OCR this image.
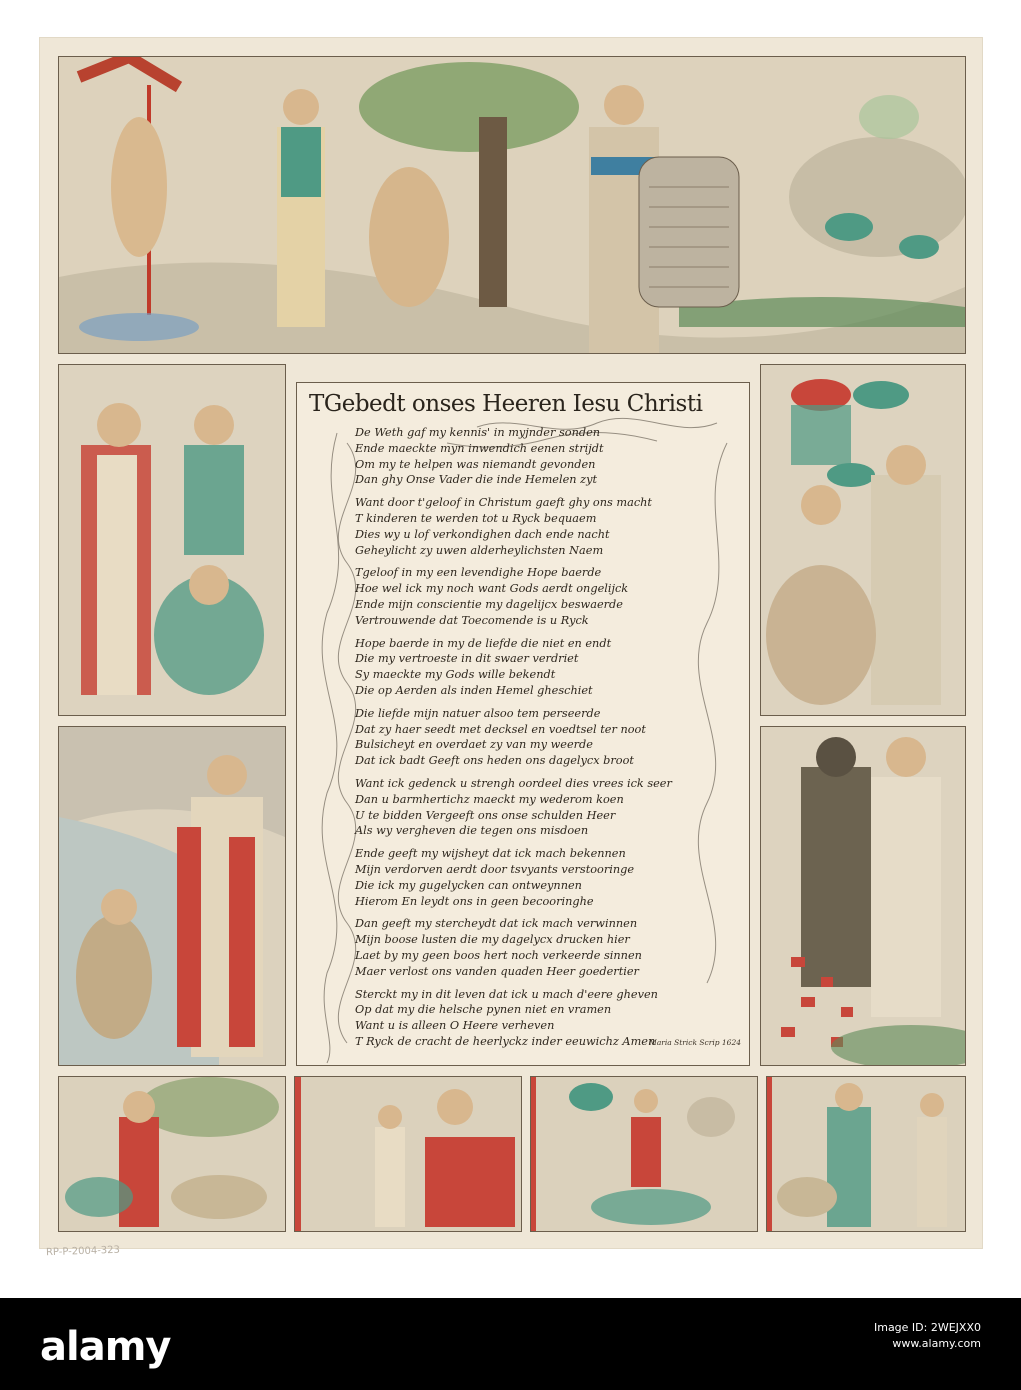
TGebedt onses Heeren Iesu Christi
De Weth gaf my kennis' in myjnder sonden
Ende maeckte myn inwendich eenen strijdt
Om my te helpen was niemandt gevonden
Dan ghy Onse Vader die inde Hemelen zyt
Want door t'geloof in Christum gaeft ghy ons macht
T kinderen te werden tot u Ryck bequaem
Dies wy u lof verkondighen dach ende nacht
Geheylicht zy uwen alderheylichsten Naem
Tgeloof in my een levendighe Hope baerde
Hoe wel ick my noch want Gods aerdt ongelijck
Ende mijn conscientie my dagelijcx beswaerde
Vertrouwende dat Toecomende is u Ryck
Hope baerde in my de liefde die niet en endt
Die my vertroeste in dit swaer verdriet
Sy maeckte my Gods wille bekendt
Die op Aerden als inden Hemel gheschiet
Die liefde mijn natuer alsoo tem perseerde
Dat zy haer seedt met decksel en voedtsel ter noot
Bulsicheyt en overdaet zy van my weerde
Dat ick badt Geeft ons heden ons dagelycx broot
Want ick gedenck u strengh oordeel dies vrees ick seer
Dan u barmhertichz maeckt my wederom koen
U te bidden Vergeeft ons onse schulden Heer
Als wy vergheven die tegen ons misdoen
Ende geeft my wijsheyt dat ick mach bekennen
Mijn verdorven aerdt door tsvyants verstooringe
Die ick my gugelycken can ontweynnen
Hierom En leydt ons in geen becooringhe
Dan geeft my stercheydt dat ick mach verwinnen
Mijn boose lusten die my dagelycx drucken hier
Laet by my geen boos hert noch verkeerde sinnen
Maer verlost ons vanden quaden Heer goedertier
Sterckt my in dit leven dat ick u mach d'eere gheven
Op dat my die helsche pynen niet en vramen
Want u is alleen O Heere verheven
T Ryck de cracht de heerlyckz inder eeuwichz Amen
Maria Strick Scrip 1624
RP-P-2004-323
alamy	Image ID: 2WEJXX0
www.alamy.com
